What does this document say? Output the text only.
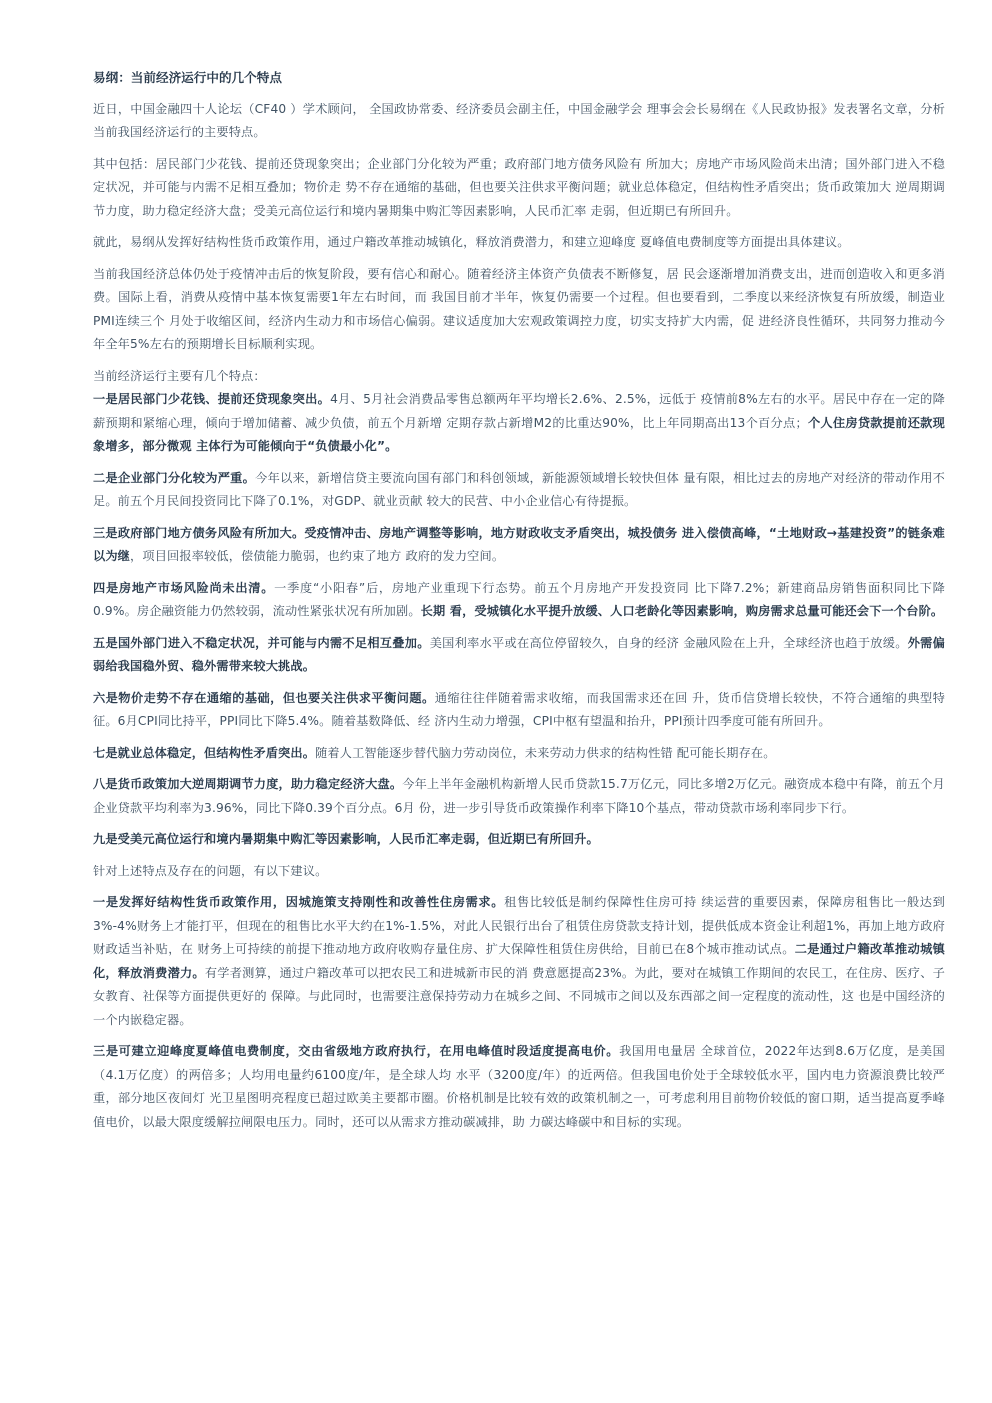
易纲：当前经济运行中的几个特点

近日，中国金融四十人论坛（CF40 ）学术顾问， 全国政协常委、经济委员会副主任，中国金融学会 理事会会长易纲在《人民政协报》发表署名文章，分析当前我国经济运行的主要特点。

其中包括：居民部门少花钱、提前还贷现象突出；企业部门分化较为严重；政府部门地方债务风险有 所加大；房地产市场风险尚未出清；国外部门进入不稳定状况，并可能与内需不足相互叠加；物价走 势不存在通缩的基础，但也要关注供求平衡问题；就业总体稳定，但结构性矛盾突出；货币政策加大 逆周期调节力度，助力稳定经济大盘；受美元高位运行和境内暑期集中购汇等因素影响，人民币汇率 走弱，但近期已有所回升。

就此，易纲从发挥好结构性货币政策作用，通过户籍改革推动城镇化，释放消费潜力，和建立迎峰度 夏峰值电费制度等方面提出具体建议。

当前我国经济总体仍处于疫情冲击后的恢复阶段，要有信心和耐心。随着经济主体资产负债表不断修复，居 民会逐渐增加消费支出，进而创造收入和更多消费。国际上看，消费从疫情中基本恢复需要1年左右时间，而 我国目前才半年，恢复仍需要一个过程。但也要看到，二季度以来经济恢复有所放缓，制造业PMI连续三个 月处于收缩区间，经济内生动力和市场信心偏弱。建议适度加大宏观政策调控力度，切实支持扩大内需，促 进经济良性循环，共同努力推动今年全年5%左右的预期增长目标顺利实现。

当前经济运行主要有几个特点：

一是居民部门少花钱、提前还贷现象突出。4月、5月社会消费品零售总额两年平均增长2.6%、2.5%，远低于 疫情前8%左右的水平。居民中存在一定的降薪预期和紧缩心理，倾向于增加储蓄、减少负债，前五个月新增 定期存款占新增M2的比重达90%，比上年同期高出13个百分点；个人住房贷款提前还款现象增多，部分微观 主体行为可能倾向于“负债最小化”。

二是企业部门分化较为严重。今年以来，新增信贷主要流向国有部门和科创领域，新能源领域增长较快但体 量有限，相比过去的房地产对经济的带动作用不足。前五个月民间投资同比下降了0.1%，对GDP、就业贡献 较大的民营、中小企业信心有待提振。

三是政府部门地方债务风险有所加大。受疫情冲击、房地产调整等影响，地方财政收支矛盾突出，城投债务 进入偿债高峰，“土地财政→基建投资”的链条难以为继，项目回报率较低，偿债能力脆弱，也约束了地方 政府的发力空间。

四是房地产市场风险尚未出清。一季度“小阳春”后，房地产业重现下行态势。前五个月房地产开发投资同 比下降7.2%；新建商品房销售面积同比下降0.9%。房企融资能力仍然较弱，流动性紧张状况有所加剧。长期 看，受城镇化水平提升放缓、人口老龄化等因素影响，购房需求总量可能还会下一个台阶。

五是国外部门进入不稳定状况，并可能与内需不足相互叠加。美国利率水平或在高位停留较久，自身的经济 金融风险在上升，全球经济也趋于放缓。外需偏弱给我国稳外贸、稳外需带来较大挑战。

六是物价走势不存在通缩的基础，但也要关注供求平衡问题。通缩往往伴随着需求收缩，而我国需求还在回 升，货币信贷增长较快，不符合通缩的典型特征。6月CPI同比持平，PPI同比下降5.4%。随着基数降低、经 济内生动力增强，CPI中枢有望温和抬升，PPI预计四季度可能有所回升。

七是就业总体稳定，但结构性矛盾突出。随着人工智能逐步替代脑力劳动岗位，未来劳动力供求的结构性错 配可能长期存在。

八是货币政策加大逆周期调节力度，助力稳定经济大盘。今年上半年金融机构新增人民币贷款15.7万亿元，同比多增2万亿元。融资成本稳中有降，前五个月企业贷款平均利率为3.96%，同比下降0.39个百分点。6月 份，进一步引导货币政策操作利率下降10个基点，带动贷款市场利率同步下行。

九是受美元高位运行和境内暑期集中购汇等因素影响，人民币汇率走弱，但近期已有所回升。

针对上述特点及存在的问题，有以下建议。

一是发挥好结构性货币政策作用，因城施策支持刚性和改善性住房需求。租售比较低是制约保障性住房可持 续运营的重要因素，保障房租售比一般达到3%-4%财务上才能打平，但现在的租售比水平大约在1%-1.5%，对此人民银行出台了租赁住房贷款支持计划，提供低成本资金让利超1%，再加上地方政府财政适当补贴，在 财务上可持续的前提下推动地方政府收购存量住房、扩大保障性租赁住房供给，目前已在8个城市推动试点。二是通过户籍改革推动城镇化，释放消费潜力。有学者测算，通过户籍改革可以把农民工和进城新市民的消 费意愿提高23%。为此，要对在城镇工作期间的农民工，在住房、医疗、子女教育、社保等方面提供更好的 保障。与此同时，也需要注意保持劳动力在城乡之间、不同城市之间以及东西部之间一定程度的流动性，这 也是中国经济的一个内嵌稳定器。

三是可建立迎峰度夏峰值电费制度，交由省级地方政府执行，在用电峰值时段适度提高电价。我国用电量居 全球首位，2022年达到8.6万亿度，是美国（4.1万亿度）的两倍多；人均用电量约6100度/年，是全球人均 水平（3200度/年）的近两倍。但我国电价处于全球较低水平，国内电力资源浪费比较严重，部分地区夜间灯 光卫星图明亮程度已超过欧美主要都市圈。价格机制是比较有效的政策机制之一，可考虑利用目前物价较低的窗口期，适当提高夏季峰值电价，以最大限度缓解拉闸限电压力。同时，还可以从需求方推动碳减排，助 力碳达峰碳中和目标的实现。
